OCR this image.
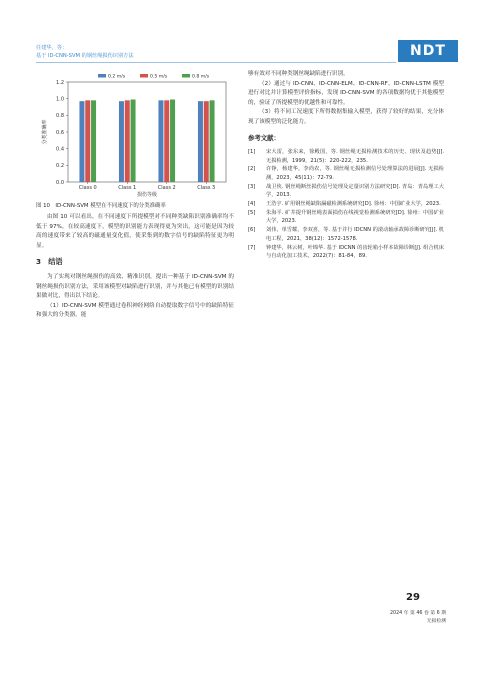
任建华，等：
基于 ID-CNN-SVM 的钢丝绳损伤识别方法	NDT
0.0
0.2
0.4
0.6
0.8
1.0
1.2
分类准确率
Class 0	Class 1	Class 2	Class 3
损伤等级
0.2 m/s	0.5 m/s	0.8 m/s
图 10　ID-CNN-SVM 模型在不同速度下的分类准确率

由图 10 可以看出，在不同速度下所提模型对不同种类缺陷识别准确率均不低于 97%，在较高速度下，模型的识别能力表现得更为突出，这可能是因为较高的速度带来了较高的磁通量变化值，使采集到的数字信号的缺陷特征更为明显。

3　结语

为了实现对钢丝绳损伤的高效、精准识别，提出一种基于 ID-CNN-SVM 的钢丝绳损伤识别方法，采用该模型对缺陷进行识别，并与其他已有模型的识别结果做对比，得出以下结论。

（1）ID-CNN-SVM 模型通过卷积神经网络自动提取数字信号中的缺陷特征和强大的分类器，能

够有效对不同种类钢丝绳缺陷进行识别。

（2）通过与 ID-CNN、ID-CNN-ELM、ID-CNN-RF、ID-CNN-LSTM 模型进行对比并计算模型评价指标，发现 ID-CNN-SVM 的各项数据均优于其他模型的，验证了所提模型的优越性和可靠性。

（3）将不同工况速度下所得数据集输入模型，获得了较好的结果，充分体现了该模型的泛化能力。

参考文献：
[1]	宋大雷，张东来，徐殿国，等. 钢丝绳无损检测技术的历史、现状及趋势[J]. 无损检测，1999，21(5)：220-222，235.
[2]	许铮，杨建华，李尚农，等. 钢丝绳无损检测信号处理算法的进展[J]. 无损检测，2023，45(11)：72-79.
[3]	战卫侠. 钢丝绳断丝损伤信号处理及定量识别方法研究[D]. 青岛：青岛理工大学，2013.
[4]	王浩宇. 矿用钢丝绳缺陷漏磁检测系统研究[D]. 徐州：中国矿业大学，2023.
[5]	朱海平. 矿井提升钢丝绳表面损伤在线视觉检测系统研究[D]. 徐州：中国矿业大学，2023.
[6]	刘伟，单雪耀，李双喜，等. 基于并行 IDCNN 的滚动轴承故障诊断研究[J]. 机电工程，2021，38(12)：1572-1578.
[7]	钟建华，林云树，叶锦华. 基于 IDCNN 的齿轮箱小样本故障诊断[J]. 组合机床与自动化加工技术，2022(7)：81-84，89.
29
2024 年 第 46 卷 第 6 期
无损检测
